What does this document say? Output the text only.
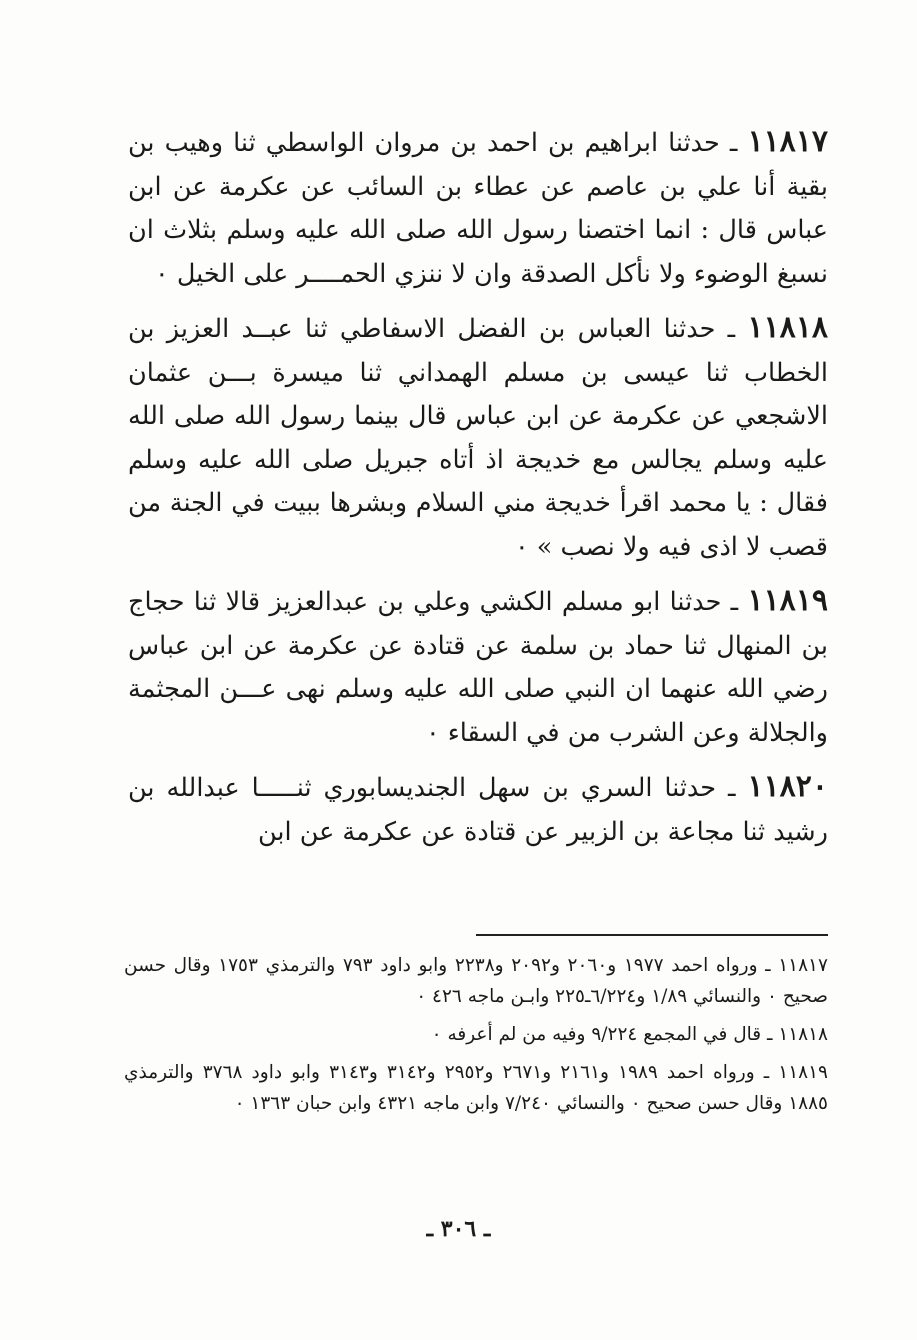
١١٨١٧ ـ حدثنا ابراهيم بن احمد بن مروان الواسطي ثنا وهيب بن بقية أنا علي بن عاصم عن عطاء بن السائب عن عكرمة عن ابن عباس قال : انما اختصنا رسول الله صلى الله عليه وسلم بثلاث ان نسبغ الوضوء ولا نأكل الصدقة وان لا ننزي الحمــــر على الخيل ٠

١١٨١٨ ـ حدثنا العباس بن الفضل الاسفاطي ثنا عبــد العزيز بن الخطاب ثنا عيسى بن مسلم الهمداني ثنا ميسرة بـــن عثمان الاشجعي عن عكرمة عن ابن عباس قال بينما رسول الله صلى الله عليه وسلم يجالس مع خديجة اذ أتاه جبريل صلى الله عليه وسلم فقال : يا محمد اقرأ خديجة مني السلام وبشرها ببيت في الجنة من قصب لا اذى فيه ولا نصب » ٠

١١٨١٩ ـ حدثنا ابو مسلم الكشي وعلي بن عبدالعزيز قالا ثنا حجاج بن المنهال ثنا حماد بن سلمة عن قتادة عن عكرمة عن ابن عباس رضي الله عنهما ان النبي صلى الله عليه وسلم نهى عـــن المجثمة والجلالة وعن الشرب من في السقاء ٠

١١٨٢٠ ـ حدثنا السري بن سهل الجنديسابوري ثنـــــا عبدالله بن رشيد ثنا مجاعة بن الزبير عن قتادة عن عكرمة عن ابن

١١٨١٧ ـ ورواه احمد ١٩٧٧ و٢٠٦٠ و٢٠٩٢ و٢٢٣٨ وابو داود ٧٩٣ والترمذي ١٧٥٣ وقال حسن صحيح ٠ والنسائي ١/٨٩ و٦/٢٢٤ـ٢٢٥ وابـن ماجه ٤٢٦ ٠

١١٨١٨ ـ قال في المجمع ٩/٢٢٤ وفيه من لم أعرفه ٠

١١٨١٩ ـ ورواه احمد ١٩٨٩ و٢١٦١ و٢٦٧١ و٢٩٥٢ و٣١٤٢ و٣١٤٣ وابو داود ٣٧٦٨ والترمذي ١٨٨٥ وقال حسن صحيح ٠ والنسائي ٧/٢٤٠ وابن ماجه ٤٣٢١ وابن حبان ١٣٦٣ ٠

ـ ٣٠٦ ـ
